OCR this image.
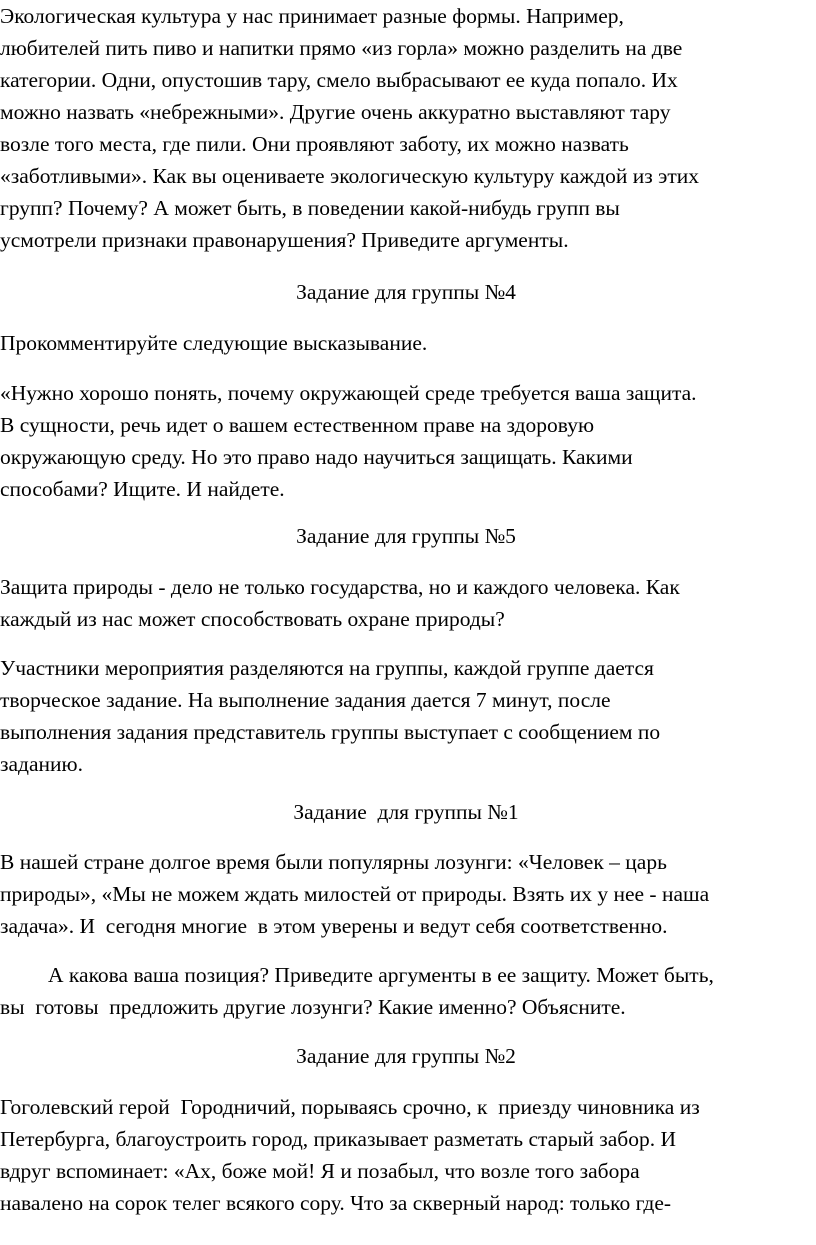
Экологическая культура у нас принимает разные формы. Например,
любителей пить пиво и напитки прямо «из горла» можно разделить на две
категории. Одни, опустошив тару, смело выбрасывают ее куда попало. Их
можно назвать «небрежными». Другие очень аккуратно выставляют тару
возле того места, где пили. Они проявляют заботу, их можно назвать
«заботливыми». Как вы оцениваете экологическую культуру каждой из этих
групп? Почему? А может быть, в поведении какой-нибудь групп вы
усмотрели признаки правонарушения? Приведите аргументы.
Задание для группы №4
Прокомментируйте следующие высказывание.
«Нужно хорошо понять, почему окружающей среде требуется ваша защита.
В сущности, речь идет о вашем естественном праве на здоровую
окружающую среду. Но это право надо научиться защищать. Какими
способами? Ищите. И найдете.
Задание для группы №5
Защита природы - дело не только государства, но и каждого человека. Как
каждый из нас может способствовать охране природы?
Участники мероприятия разделяются на группы, каждой группе дается
творческое задание. На выполнение задания дается 7 минут, после
выполнения задания представитель группы выступает с сообщением по
заданию.
Задание  для группы №1
В нашей стране долгое время были популярны лозунги: «Человек – царь
природы», «Мы не можем ждать милостей от природы. Взять их у нее - наша
задача». И  сегодня многие  в этом уверены и ведут себя соответственно.
А какова ваша позиция? Приведите аргументы в ее защиту. Может быть,
вы  готовы  предложить другие лозунги? Какие именно? Объясните.
Задание для группы №2
Гоголевский герой  Городничий, порываясь срочно, к  приезду чиновника из
Петербурга, благоустроить город, приказывает разметать старый забор. И
вдруг вспоминает: «Ах, боже мой! Я и позабыл, что возле того забора
навалено на сорок телег всякого сору. Что за скверный народ: только где-
